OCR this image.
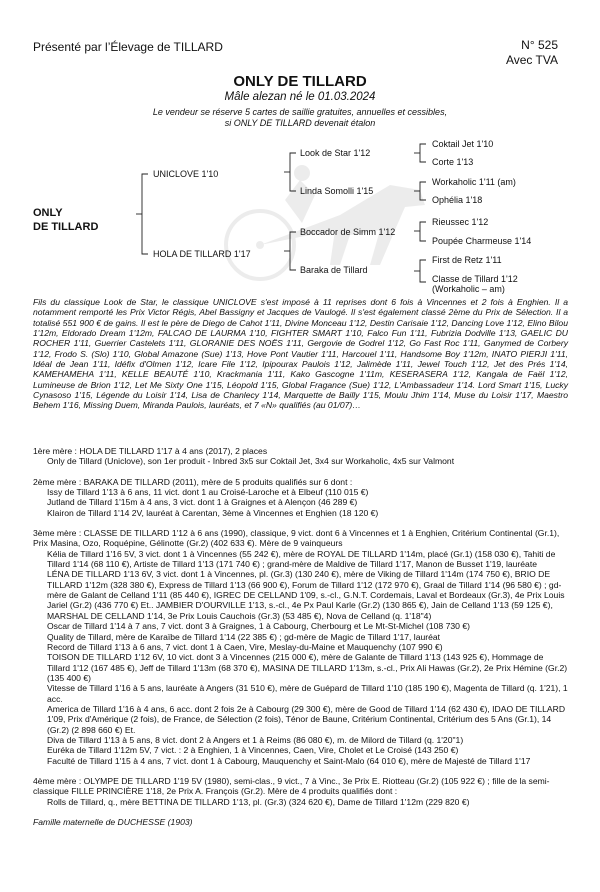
Présenté par l’Élevage de TILLARD	N° 525
Avec TVA
ONLY DE TILLARD
Mâle alezan né le 01.03.2024
Le vendeur se réserve 5 cartes de saillie gratuites, annuelles et cessibles,
si ONLY DE TILLARD devenait étalon
ONLY
DE TILLARD
UNICLOVE 1'10
HOLA DE TILLARD 1'17
Look de Star 1'12
Linda Somolli 1'15
Boccador de Simm 1'12
Baraka de Tillard
Coktail Jet 1'10
Corte 1'13
Workaholic 1'11 (am)
Ophélia 1'18
Rieussec 1'12
Poupée Charmeuse 1'14
First de Retz 1'11
Classe de Tillard 1'12
(Workaholic – am)
Fils du classique Look de Star, le classique UNICLOVE s'est imposé à 11 reprises dont 6 fois à Vincennes et 2 fois à Enghien. Il a notamment remporté les Prix Victor Régis, Abel Bassigny et Jacques de Vaulogé. Il s'est également classé 2ème du Prix de Sélection. Il a totalisé 551 900 € de gains. Il est le père de Diego de Cahot 1'11, Divine Monceau 1'12, Destin Carisaie 1'12, Dancing Love 1'12, Elino Bilou 1'12m, Eldorado Dream 1'12m, FALCAO DE LAURMA 1'10, FIGHTER SMART 1'10, Falco Fun 1'11, Fubrizia Dodville 1'13, GAELIC DU ROCHER 1'11, Guerrier Castelets 1'11, GLORANIE DES NOËS 1'11, Gergovie de Godrel 1'12, Go Fast Roc 1'11, Ganymed de Corbery 1'12, Frodo S. (Slo) 1'10, Global Amazone (Sue) 1'13, Hove Pont Vautier 1'11, Harcouel 1'11, Handsome Boy 1'12m, INATO PIERJI 1'11, Idéal de Jean 1'11, Idéfix d'Olmen 1'12, Icare File 1'12, Ipipourax Paulois 1'12, Jalimède 1'11, Jewel Touch 1'12, Jet des Prés 1'14, KAMEHAMEHA 1'11, KELLE BEAUTÉ 1'10, Krackmania 1'11, Kako Gascogne 1'11m, KESERASERA 1'12, Kangala de Faël 1'12, Lumineuse de Brion 1'12, Let Me Sixty One 1'15, Léopold 1'15, Global Fragance (Sue) 1'12, L'Ambassadeur 1'14. Lord Smart 1'15, Lucky Cynasoso 1'15, Légende du Loisir 1'14, Lisa de Chanlecy 1'14, Marquette de Bailly 1'15, Moulu Jhim 1'14, Muse du Loisir 1'17, Maestro Behem 1'16, Missing Duem, Miranda Paulois, lauréats, et 7 «N» qualifiés (au 01/07)…
1ère mère : HOLA DE TILLARD 1'17 à 4 ans (2017), 2 places
Only de Tillard (Uniclove), son 1er produit - Inbred 3x5 sur Coktail Jet, 3x4 sur Workaholic, 4x5 sur Valmont
2ème mère : BARAKA DE TILLARD (2011), mère de 5 produits qualifiés sur 6 dont :
Issy de Tillard 1'13 à 6 ans, 11 vict. dont 1 au Croisé-Laroche et à Elbeuf (110 015 €)
Jutland de Tillard 1'15m à 4 ans, 3 vict. dont 1 à Graignes et à Alençon (46 289 €)
Klairon de Tillard 1'14 2V, lauréat à Carentan, 3ème à Vincennes et Enghien (18 120 €)
3ème mère : CLASSE DE TILLARD 1'12 à 6 ans (1990), classique, 9 vict. dont 6 à Vincennes et 1 à Enghien, Critérium Continental (Gr.1), Prix Masina, Ozo, Roquépine, Gélinotte (Gr.2) (402 633 €). Mère de 9 vainqueurs
Kélia de Tillard 1'16 5V, 3 vict. dont 1 à Vincennes (55 242 €), mère de ROYAL DE TILLARD 1'14m, placé (Gr.1) (158 030 €), Tahiti de Tillard 1'14 (68 110 €), Artiste de Tillard 1'13 (171 740 €) ; grand-mère de Maldive de Tillard 1'17, Manon de Busset 1'19, lauréate
LÉNA DE TILLARD 1'13 6V, 3 vict. dont 1 à Vincennes, pl. (Gr.3) (130 240 €), mère de Viking de Tillard 1'14m (174 750 €), BRIO DE TILLARD 1'12m (328 380 €), Express de Tillard 1'13 (66 900 €), Forum de Tillard 1'12 (172 970 €), Graal de Tillard 1'14 (96 580 €) ; gd-mère de Galant de Celland 1'11 (85 440 €), IGREC DE CELLAND 1'09, s.-cl., G.N.T. Cordemais, Laval et Bordeaux (Gr.3), 4e Prix Louis Jariel (Gr.2) (436 770 €) Et.. JAMBIER D'OURVILLE 1'13, s.-cl., 4e Px Paul Karle (Gr.2) (130 865 €), Jain de Celland 1'13 (59 125 €), MARSHAL DE CELLAND 1'14, 3e Prix Louis Cauchois (Gr.3) (53 485 €), Nova de Celland (q. 1'18"4)
Oscar de Tillard 1'14 à 7 ans, 7 vict. dont 3 à Graignes, 1 à Cabourg, Cherbourg et Le Mt-St-Michel (108 730 €)
Quality de Tillard, mère de Karaïbe de Tillard 1'14 (22 385 €) ; gd-mère de Magic de Tillard 1'17, lauréat
Record de Tillard 1'13 à 6 ans, 7 vict. dont 1 à Caen, Vire, Meslay-du-Maine et Mauquenchy (107 990 €)
TOISON DE TILLARD 1'12 6V, 10 vict. dont 3 à Vincennes (215 000 €), mère de Galante de Tillard 1'13 (143 925 €), Hommage de Tillard 1'12 (167 485 €), Jeff de Tillard 1'13m (68 370 €), MASINA DE TILLARD 1'13m, s.-cl., Prix Ali Hawas (Gr.2), 2e Prix Hémine (Gr.2) (135 400 €)
Vitesse de Tillard 1'16 à 5 ans, lauréate à Angers (31 510 €), mère de Guépard de Tillard 1'10 (185 190 €), Magenta de Tillard (q. 1'21), 1 acc.
America de Tillard 1'16 à 4 ans, 6 acc. dont 2 fois 2e à Cabourg (29 300 €), mère de Good de Tillard 1'14 (62 430 €), IDAO DE TILLARD 1'09, Prix d'Amérique (2 fois), de France, de Sélection (2 fois), Ténor de Baune, Critérium Continental, Critérium des 5 Ans (Gr.1), 14 (Gr.2) (2 898 660 €) Et.
Diva de Tillard 1'13 à 5 ans, 8 vict. dont 2 à Angers et 1 à Reims (86 080 €), m. de Milord de Tillard (q. 1'20"1)
Euréka de Tillard 1'12m 5V, 7 vict. : 2 à Enghien, 1 à Vincennes, Caen, Vire, Cholet et Le Croisé (143 250 €)
Faculté de Tillard 1'15 à 4 ans, 7 vict. dont 1 à Cabourg, Mauquenchy et Saint-Malo (64 010 €), mère de Majesté de Tillard 1'17
4ème mère : OLYMPE DE TILLARD 1'19 5V (1980), semi-clas., 9 vict., 7 à Vinc., 3e Prix E. Riotteau (Gr.2) (105 922 €) ; fille de la semi-classique FILLE PRINCIÈRE 1'18, 2e Prix A. François (Gr.2). Mère de 4 produits qualifiés dont :
Rolls de Tillard, q., mère BETTINA DE TILLARD 1'13, pl. (Gr.3) (324 620 €), Dame de Tillard 1'12m (229 820 €)
Famille maternelle de DUCHESSE (1903)
